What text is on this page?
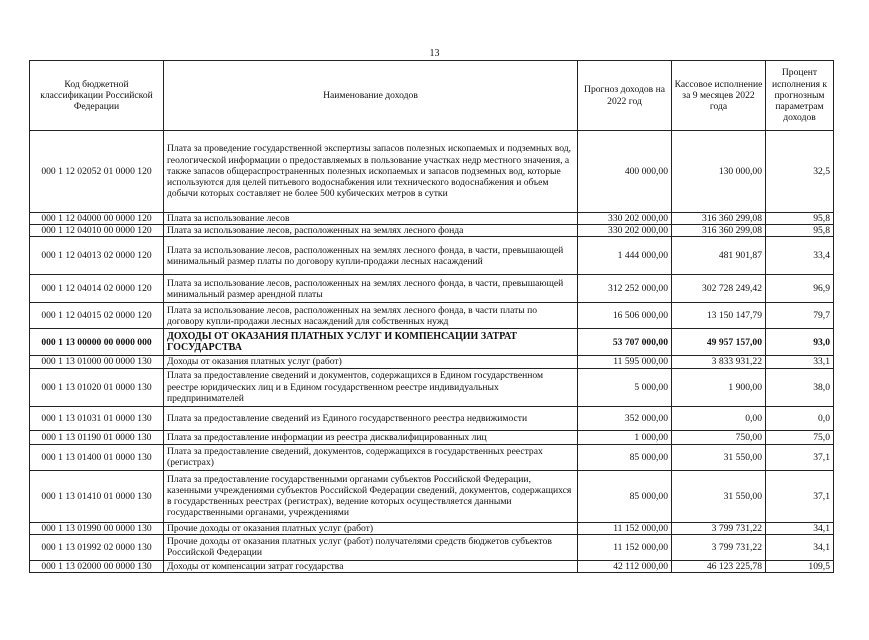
13
Код бюджетной классификации Российской Федерации	Наименование доходов	Прогноз доходов на 2022 год	Кассовое исполнение за 9 месяцев 2022 года	Процент исполнения к прогнозным параметрам доходов
000 1 12 02052 01 0000 120	Плата за проведение государственной экспертизы запасов полезных ископаемых и подземных вод, геологической информации о предоставляемых в пользование участках недр местного значения, а также запасов общераспространенных полезных ископаемых и запасов подземных вод, которые используются для целей питьевого водоснабжения или технического водоснабжения и объем добычи которых составляет не более 500 кубических метров в сутки	400 000,00	130 000,00	32,5
000 1 12 04000 00 0000 120	Плата за использование лесов	330 202 000,00	316 360 299,08	95,8
000 1 12 04010 00 0000 120	Плата за использование лесов, расположенных на землях лесного фонда	330 202 000,00	316 360 299,08	95,8
000 1 12 04013 02 0000 120	Плата за использование лесов, расположенных на землях лесного фонда, в части, превышающей минимальный размер платы по договору купли-продажи лесных насаждений	1 444 000,00	481 901,87	33,4
000 1 12 04014 02 0000 120	Плата за использование лесов, расположенных на землях лесного фонда, в части, превышающей минимальный размер арендной платы	312 252 000,00	302 728 249,42	96,9
000 1 12 04015 02 0000 120	Плата за использование лесов, расположенных на землях лесного фонда, в части платы по договору купли-продажи лесных насаждений для собственных нужд	16 506 000,00	13 150 147,79	79,7
000 1 13 00000 00 0000 000	ДОХОДЫ ОТ ОКАЗАНИЯ ПЛАТНЫХ УСЛУГ И КОМПЕНСАЦИИ ЗАТРАТ ГОСУДАРСТВА	53 707 000,00	49 957 157,00	93,0
000 1 13 01000 00 0000 130	Доходы от оказания платных услуг (работ)	11 595 000,00	3 833 931,22	33,1
000 1 13 01020 01 0000 130	Плата за предоставление сведений и документов, содержащихся в Едином государственном реестре юридических лиц и в Едином государственном реестре индивидуальных предпринимателей	5 000,00	1 900,00	38,0
000 1 13 01031 01 0000 130	Плата за предоставление сведений из Единого государственного реестра недвижимости	352 000,00	0,00	0,0
000 1 13 01190 01 0000 130	Плата за предоставление информации из реестра дисквалифицированных лиц	1 000,00	750,00	75,0
000 1 13 01400 01 0000 130	Плата за предоставление сведений, документов, содержащихся в государственных реестрах (регистрах)	85 000,00	31 550,00	37,1
000 1 13 01410 01 0000 130	Плата за предоставление государственными органами субъектов Российской Федерации, казенными учреждениями субъектов Российской Федерации сведений, документов, содержащихся в государственных реестрах (регистрах), ведение которых осуществляется данными государственными органами, учреждениями	85 000,00	31 550,00	37,1
000 1 13 01990 00 0000 130	Прочие доходы от оказания платных услуг (работ)	11 152 000,00	3 799 731,22	34,1
000 1 13 01992 02 0000 130	Прочие доходы от оказания платных услуг (работ) получателями средств бюджетов субъектов Российской Федерации	11 152 000,00	3 799 731,22	34,1
000 1 13 02000 00 0000 130	Доходы от компенсации затрат государства	42 112 000,00	46 123 225,78	109,5
